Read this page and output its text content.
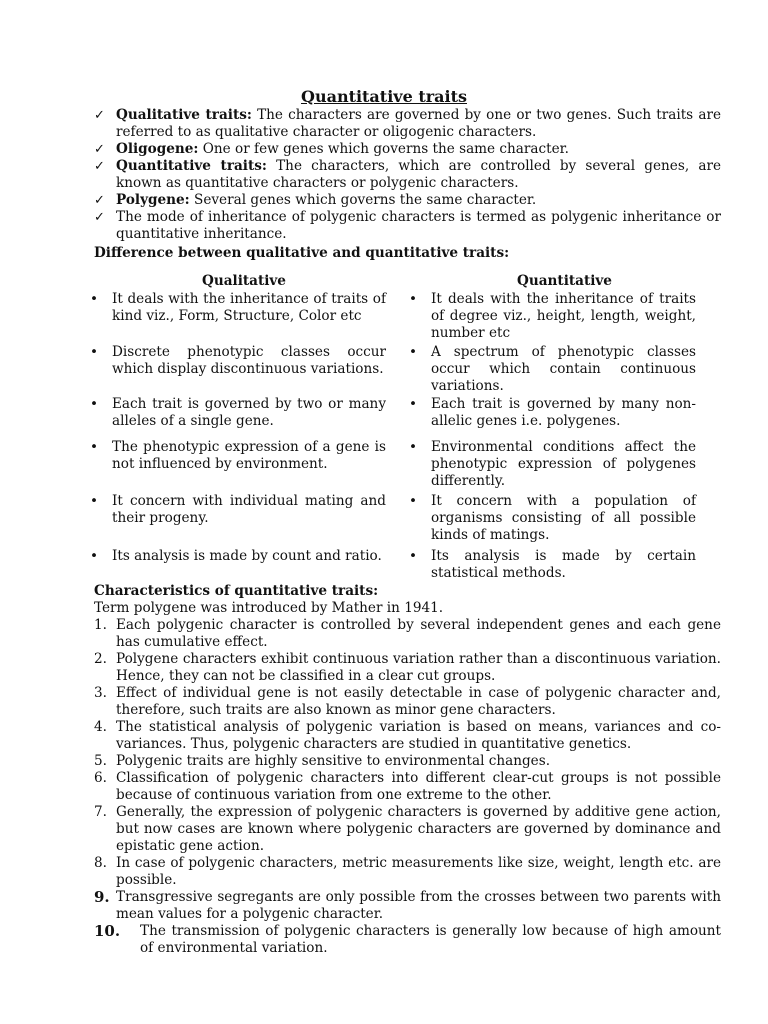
Quantitative traits
✓ Qualitative traits: The characters are governed by one or two genes. Such traits are referred to as qualitative character or oligogenic characters.
✓ Oligogene: One or few genes which governs the same character.
✓ Quantitative traits: The characters, which are controlled by several genes, are known as quantitative characters or polygenic characters.
✓ Polygene: Several genes which governs the same character.
✓ The mode of inheritance of polygenic characters is termed as polygenic inheritance or quantitative inheritance.
Difference between qualitative and quantitative traits:
Qualitative	Quantitative
• It deals with the inheritance of traits of kind viz., Form, Structure, Color etc
• Discrete phenotypic classes occur which display discontinuous variations.
• Each trait is governed by two or many alleles of a single gene.
• The phenotypic expression of a gene is not influenced by environment.
• It concern with individual mating and their progeny.
• Its analysis is made by count and ratio.
• It deals with the inheritance of traits of degree viz., height, length, weight, number etc
• A spectrum of phenotypic classes occur which contain continuous variations.
• Each trait is governed by many non-allelic genes i.e. polygenes.
• Environmental conditions affect the phenotypic expression of polygenes differently.
• It concern with a population of organisms consisting of all possible kinds of matings.
• Its analysis is made by certain statistical methods.
Characteristics of quantitative traits:
Term polygene was introduced by Mather in 1941.
1. Each polygenic character is controlled by several independent genes and each gene has cumulative effect.
2. Polygene characters exhibit continuous variation rather than a discontinuous variation. Hence, they can not be classified in a clear cut groups.
3. Effect of individual gene is not easily detectable in case of polygenic character and, therefore, such traits are also known as minor gene characters.
4. The statistical analysis of polygenic variation is based on means, variances and co-variances. Thus, polygenic characters are studied in quantitative genetics.
5. Polygenic traits are highly sensitive to environmental changes.
6. Classification of polygenic characters into different clear-cut groups is not possible because of continuous variation from one extreme to the other.
7. Generally, the expression of polygenic characters is governed by additive gene action, but now cases are known where polygenic characters are governed by dominance and epistatic gene action.
8. In case of polygenic characters, metric measurements like size, weight, length etc. are possible.
9. Transgressive segregants are only possible from the crosses between two parents with mean values for a polygenic character.
10. The transmission of polygenic characters is generally low because of high amount of environmental variation.
